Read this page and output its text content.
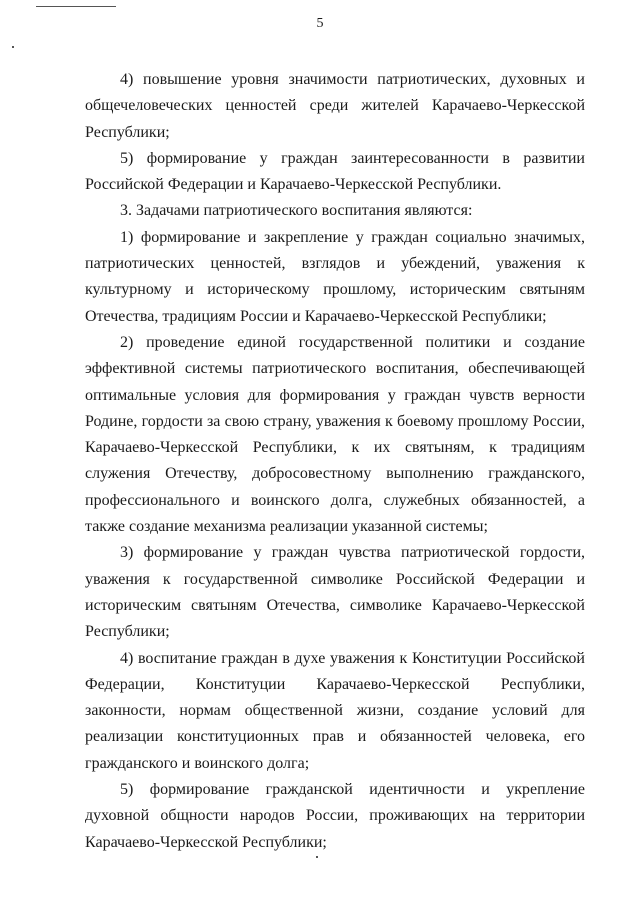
5

4) повышение уровня значимости патриотических, духовных и общечеловеческих ценностей среди жителей Карачаево-Черкесской Республики;

5) формирование у граждан заинтересованности в развитии Российской Федерации и Карачаево-Черкесской Республики.

3. Задачами патриотического воспитания являются:

1) формирование и закрепление у граждан социально значимых, патриотических ценностей, взглядов и убеждений, уважения к культурному и историческому прошлому, историческим святыням Отечества, традициям России и Карачаево-Черкесской Республики;

2) проведение единой государственной политики и создание эффективной системы патриотического воспитания, обеспечивающей оптимальные условия для формирования у граждан чувств верности Родине, гордости за свою страну, уважения к боевому прошлому России, Карачаево-Черкесской Республики, к их святыням, к традициям служения Отечеству, добросовестному выполнению гражданского, профессионального и воинского долга, служебных обязанностей, а также создание механизма реализации указанной системы;

3) формирование у граждан чувства патриотической гордости, уважения к государственной символике Российской Федерации и историческим святыням Отечества, символике Карачаево-Черкесской Республики;

4) воспитание граждан в духе уважения к Конституции Российской Федерации, Конституции Карачаево-Черкесской Республики, законности, нормам общественной жизни, создание условий для реализации конституционных прав и обязанностей человека, его гражданского и воинского долга;

5) формирование гражданской идентичности и укрепление духовной общности народов России, проживающих на территории Карачаево-Черкесской Республики;
